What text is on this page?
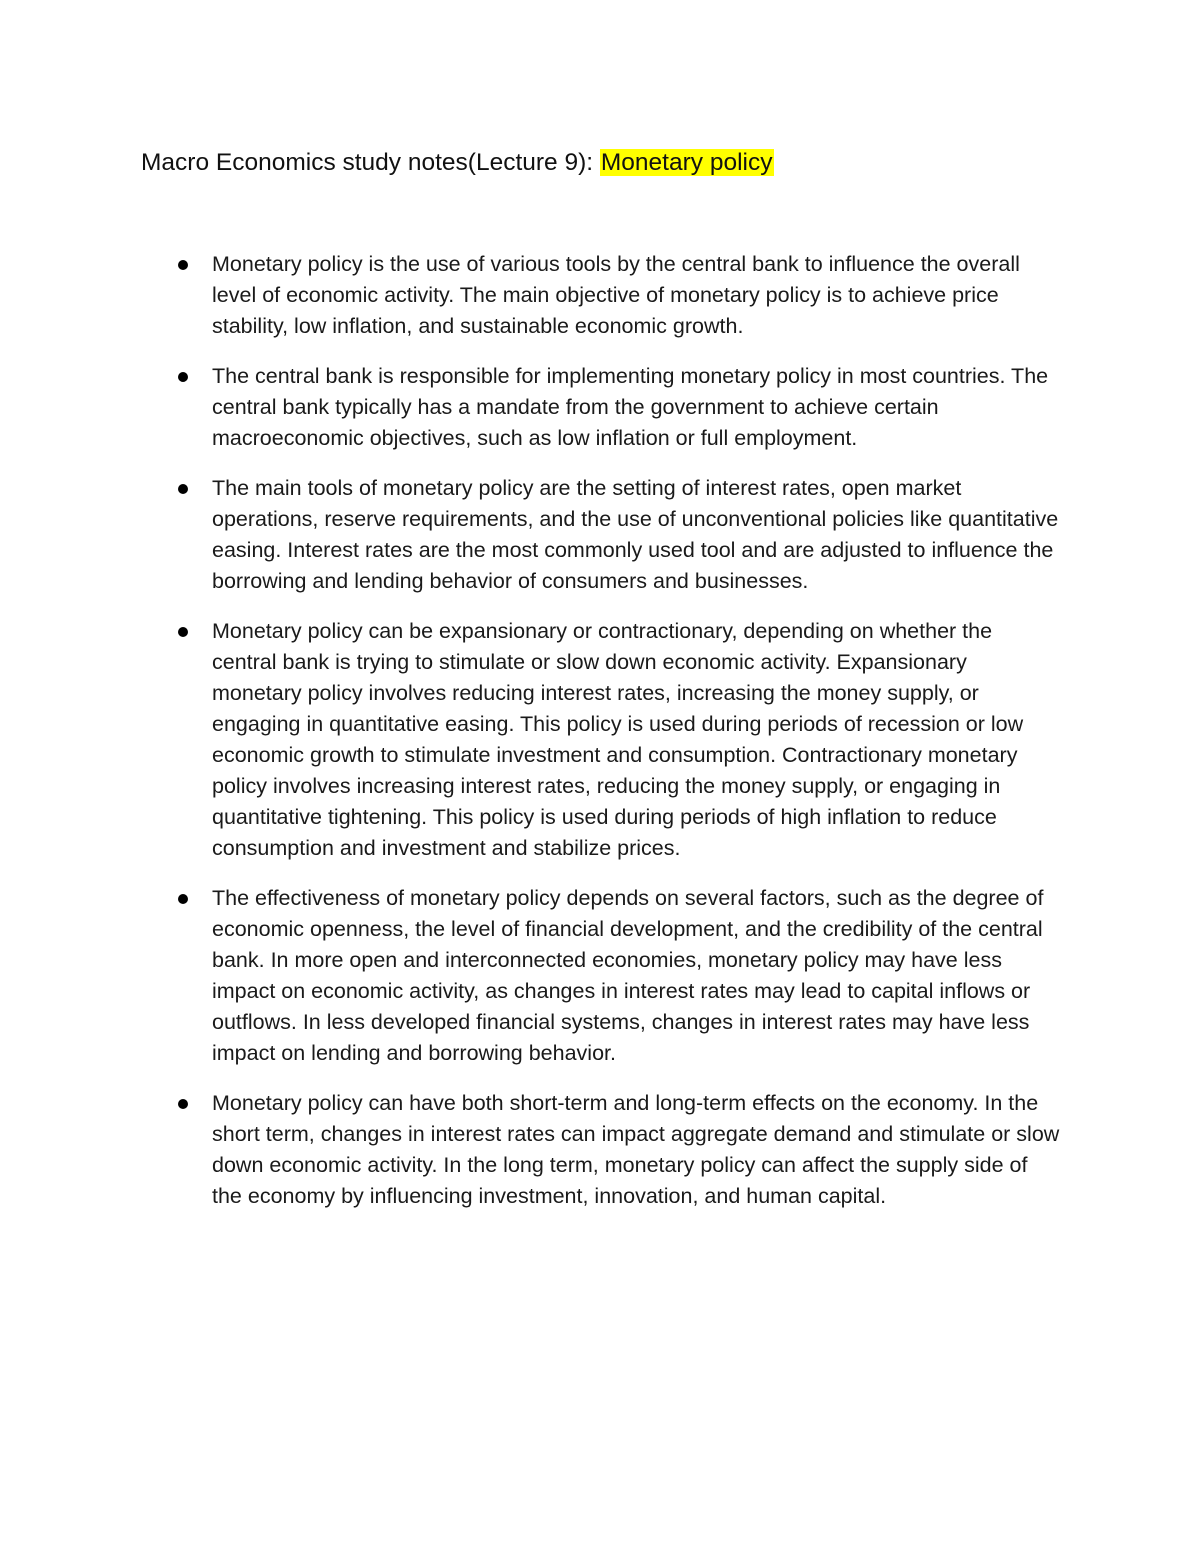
Macro Economics study notes(Lecture 9): Monetary policy
Monetary policy is the use of various tools by the central bank to influence the overall level of economic activity. The main objective of monetary policy is to achieve price stability, low inflation, and sustainable economic growth.
The central bank is responsible for implementing monetary policy in most countries. The central bank typically has a mandate from the government to achieve certain macroeconomic objectives, such as low inflation or full employment.
The main tools of monetary policy are the setting of interest rates, open market operations, reserve requirements, and the use of unconventional policies like quantitative easing. Interest rates are the most commonly used tool and are adjusted to influence the borrowing and lending behavior of consumers and businesses.
Monetary policy can be expansionary or contractionary, depending on whether the central bank is trying to stimulate or slow down economic activity. Expansionary monetary policy involves reducing interest rates, increasing the money supply, or engaging in quantitative easing. This policy is used during periods of recession or low economic growth to stimulate investment and consumption. Contractionary monetary policy involves increasing interest rates, reducing the money supply, or engaging in quantitative tightening. This policy is used during periods of high inflation to reduce consumption and investment and stabilize prices.
The effectiveness of monetary policy depends on several factors, such as the degree of economic openness, the level of financial development, and the credibility of the central bank. In more open and interconnected economies, monetary policy may have less impact on economic activity, as changes in interest rates may lead to capital inflows or outflows. In less developed financial systems, changes in interest rates may have less impact on lending and borrowing behavior.
Monetary policy can have both short-term and long-term effects on the economy. In the short term, changes in interest rates can impact aggregate demand and stimulate or slow down economic activity. In the long term, monetary policy can affect the supply side of the economy by influencing investment, innovation, and human capital.
